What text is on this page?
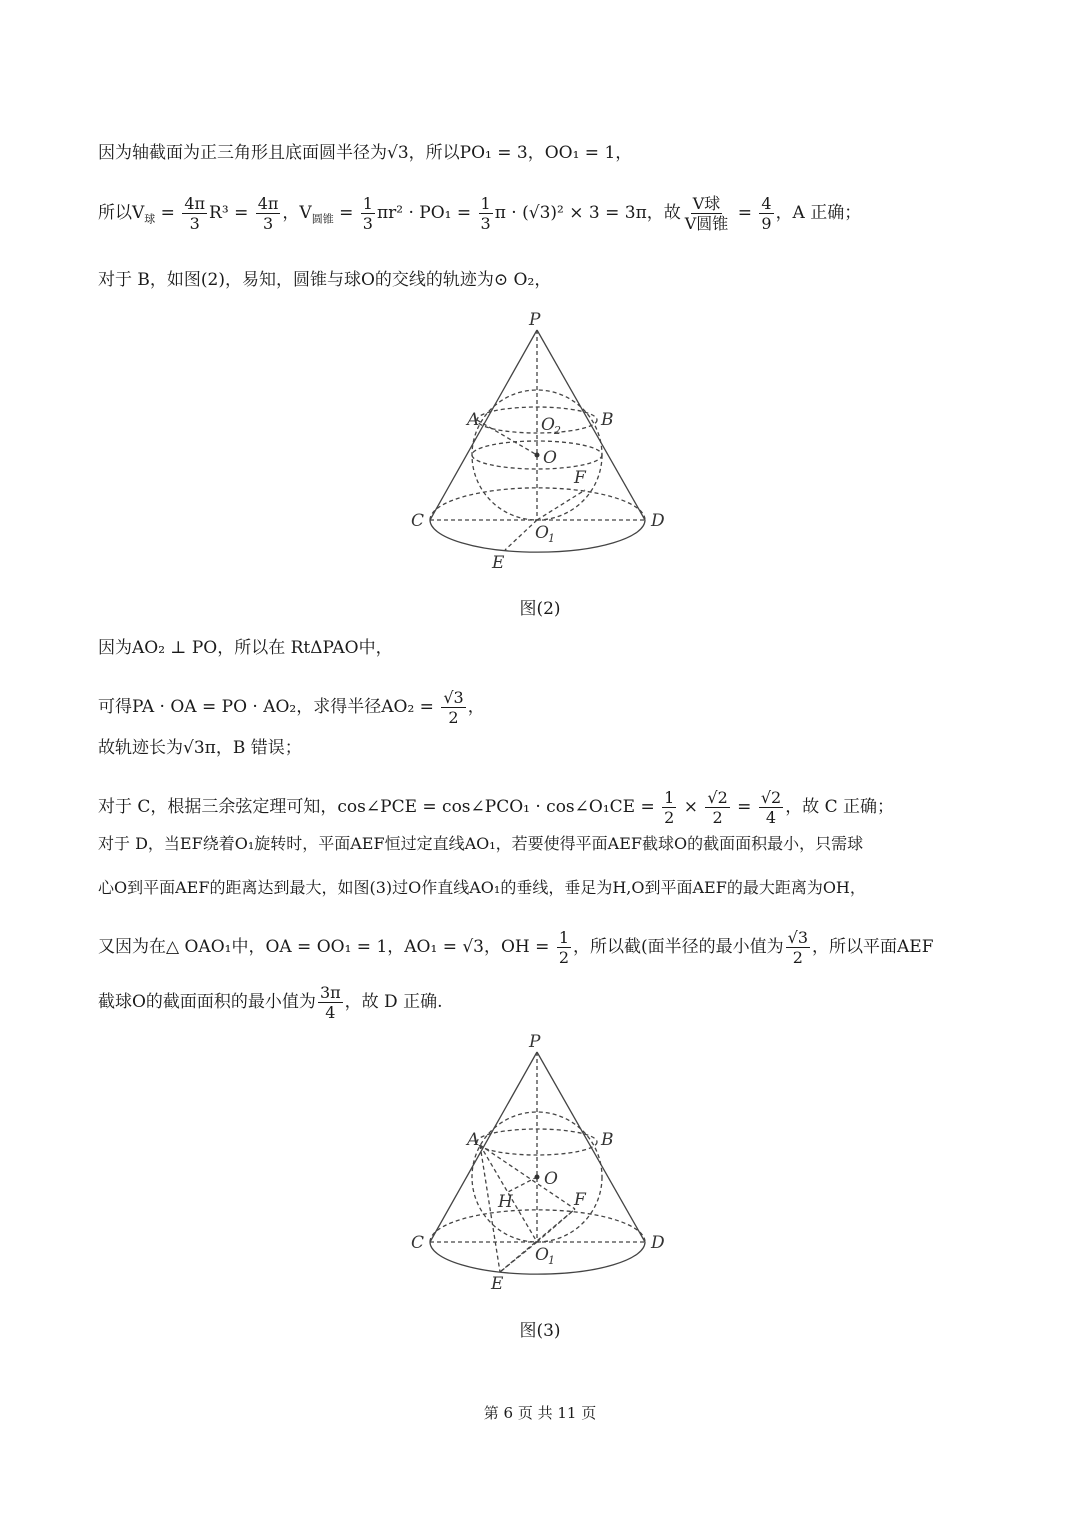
因为轴截面为正三角形且底面圆半径为√3，所以PO₁ = 3，OO₁ = 1，
所以$V_球 = \frac{4\pi}{3} R^3 = \frac{4\pi}{3}$ ，$V_{圆锥} = \frac{1}{3} \pi r^2 \cdot PO_1 = \frac{1}{3}$ π · (√3)² × 3 = 3π，故 $\frac{\text{V球}}{\text{V圆锥}} = \frac{4}{9}$ ，A 正确；
对于 B，如图(2)，易知，圆锥与球O的交线的轨迹为⊙ O₂，
P
A	B
O 2
O
F
C	D
O 1
E
图(2)
因为AO₂ ⊥ PO，所以在 RtΔPAO中，
可得PA · OA = PO · AO₂，求得半径$AO_2 = \frac{√3}{2}$ ，
故轨迹长为√3π，B 错误；
对于 C，根据三余弦定理可知，cos∠PCE = cos∠PCO₁ · cos∠O₁CE = $\frac{1}{2} \times \frac{√2}{2} = \frac{√2}{4}$ ，故 C 正确；
对于 D，当EF绕着O₁旋转时，平面AEF恒过定直线AO₁，若要使得平面AEF截球O的截面面积最小，只需球
心O到平面AEF的距离达到最大，如图(3)过O作直线AO₁的垂线，垂足为H,O到平面AEF的最大距离为OH，
又因为在△ OAO₁中，OA = OO₁ = 1，AO₁ = √3，OH = $\frac{1}{2}$ ，所以截(面半径的最小值为 $\frac{√3}{2}$ ，所以平面AEF
截球O的截面面积的最小值为 $\frac{3\pi}{4}$ ，故 D 正确.
P
A	B
O
H	F
C	D
O 1
E
图(3)
第 6 页 共 11 页
